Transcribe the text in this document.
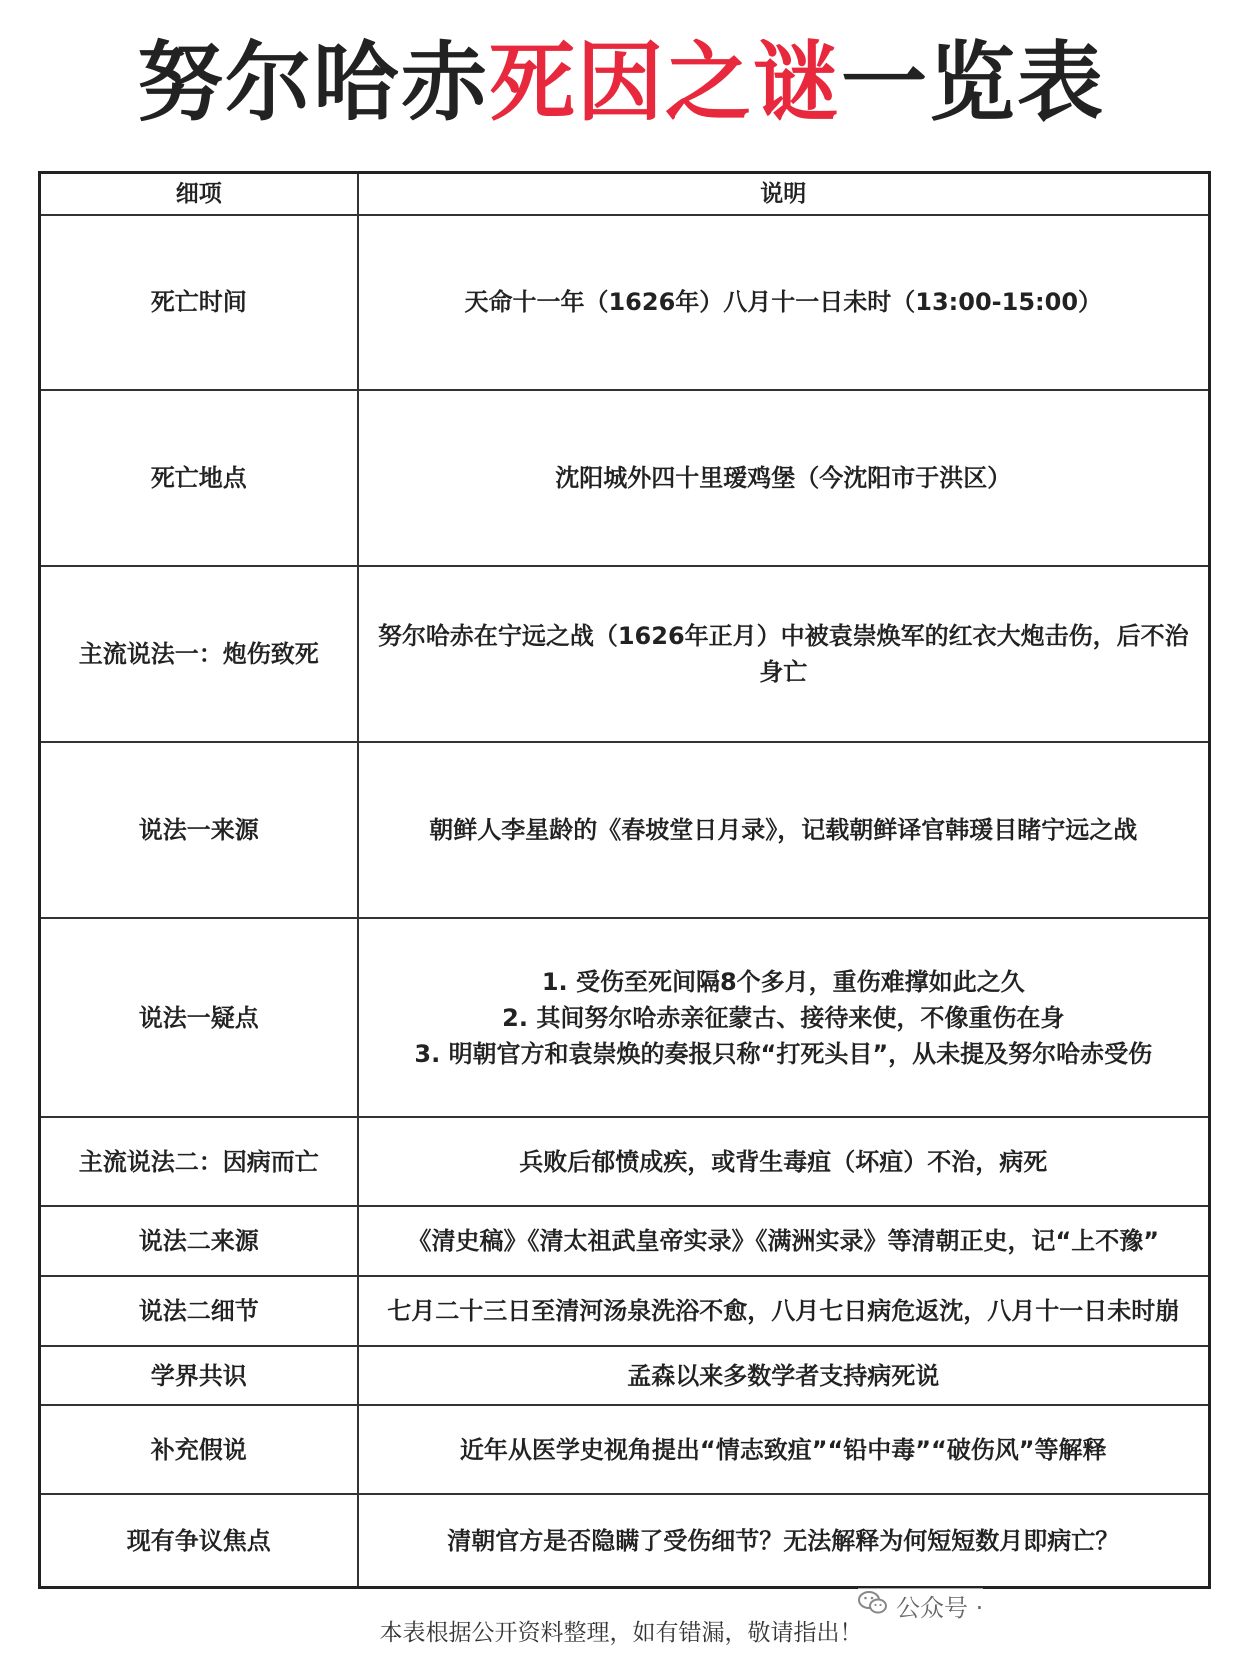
努尔哈赤死因之谜一览表
细项	说明
死亡时间	天命十一年（1626年）八月十一日未时（13:00-15:00）
死亡地点	沈阳城外四十里瑷鸡堡（今沈阳市于洪区）
主流说法一：炮伤致死	努尔哈赤在宁远之战（1626年正月）中被袁崇焕军的红衣大炮击伤，后不治身亡
说法一来源	朝鲜人李星龄的《春坡堂日月录》，记载朝鲜译官韩瑗目睹宁远之战
说法一疑点	1. 受伤至死间隔8个多月，重伤难撑如此之久
2. 其间努尔哈赤亲征蒙古、接待来使，不像重伤在身
3. 明朝官方和袁崇焕的奏报只称“打死头目”，从未提及努尔哈赤受伤

主流说法二：因病而亡	兵败后郁愤成疾，或背生毒疽（坏疽）不治，病死
说法二来源	《清史稿》《清太祖武皇帝实录》《满洲实录》等清朝正史，记“上不豫”
说法二细节	七月二十三日至清河汤泉洗浴不愈，八月七日病危返沈，八月十一日未时崩
学界共识	孟森以来多数学者支持病死说
补充假说	近年从医学史视角提出“情志致疽”“铅中毒”“破伤风”等解释
现有争议焦点	清朝官方是否隐瞒了受伤细节？无法解释为何短短数月即病亡？
公众号 ·
本表根据公开资料整理，如有错漏，敬请指出！
